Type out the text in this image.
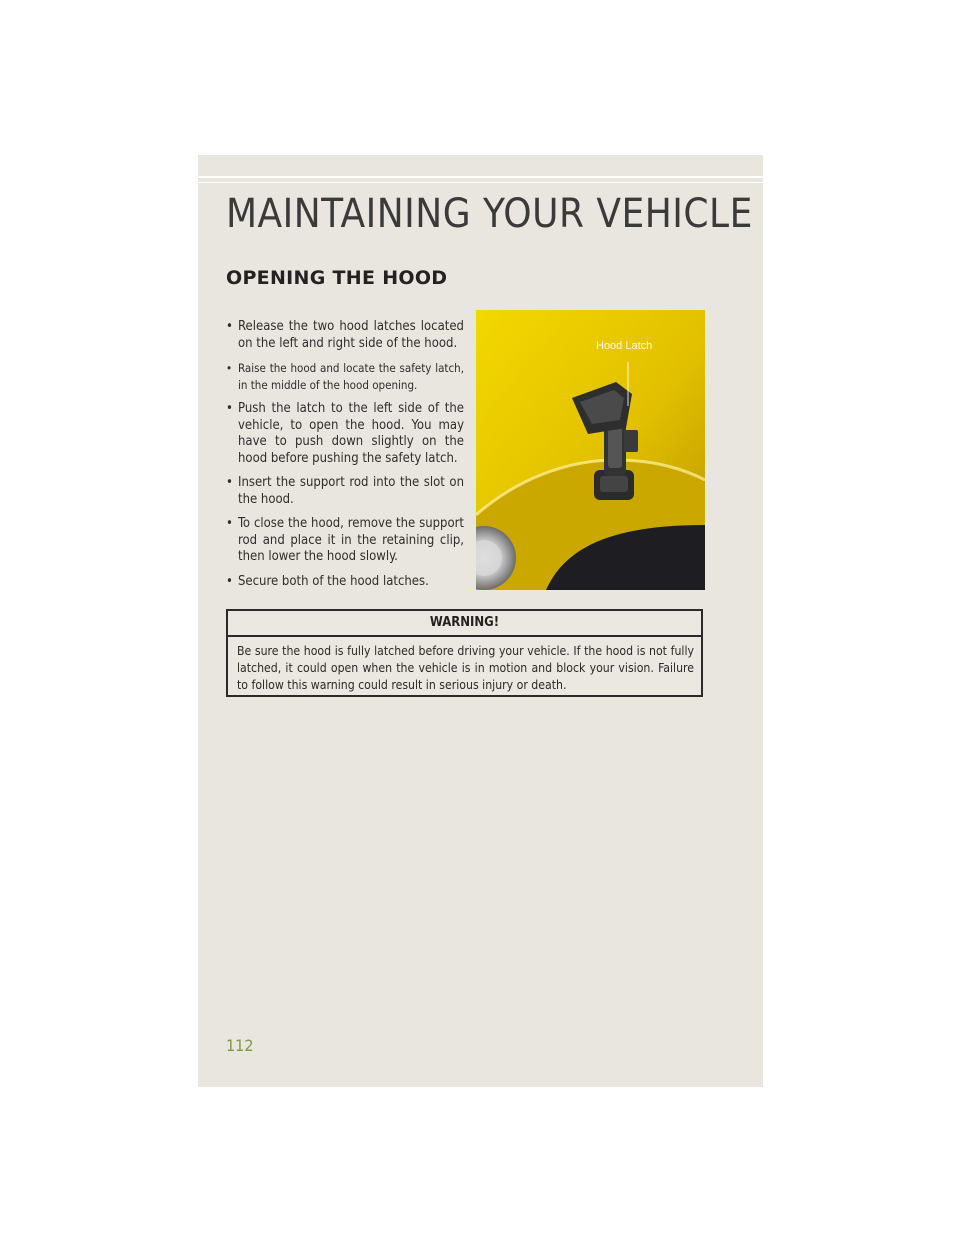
MAINTAINING YOUR VEHICLE
OPENING THE HOOD
• Release the two hood latches located on the left and right side of the hood.
• Raise the hood and locate the safety latch, in the middle of the hood opening.
• Push the latch to the left side of the vehicle, to open the hood. You may have to push down slightly on the hood before pushing the safety latch.
• Insert the support rod into the slot on the hood.
• To close the hood, remove the support rod and place it in the retaining clip, then lower the hood slowly.
• Secure both of the hood latches.
Hood Latch
WARNING!

Be sure the hood is fully latched before driving your vehicle. If the hood is not fully latched, it could open when the vehicle is in motion and block your vision. Failure to follow this warning could result in serious injury or death.

112
